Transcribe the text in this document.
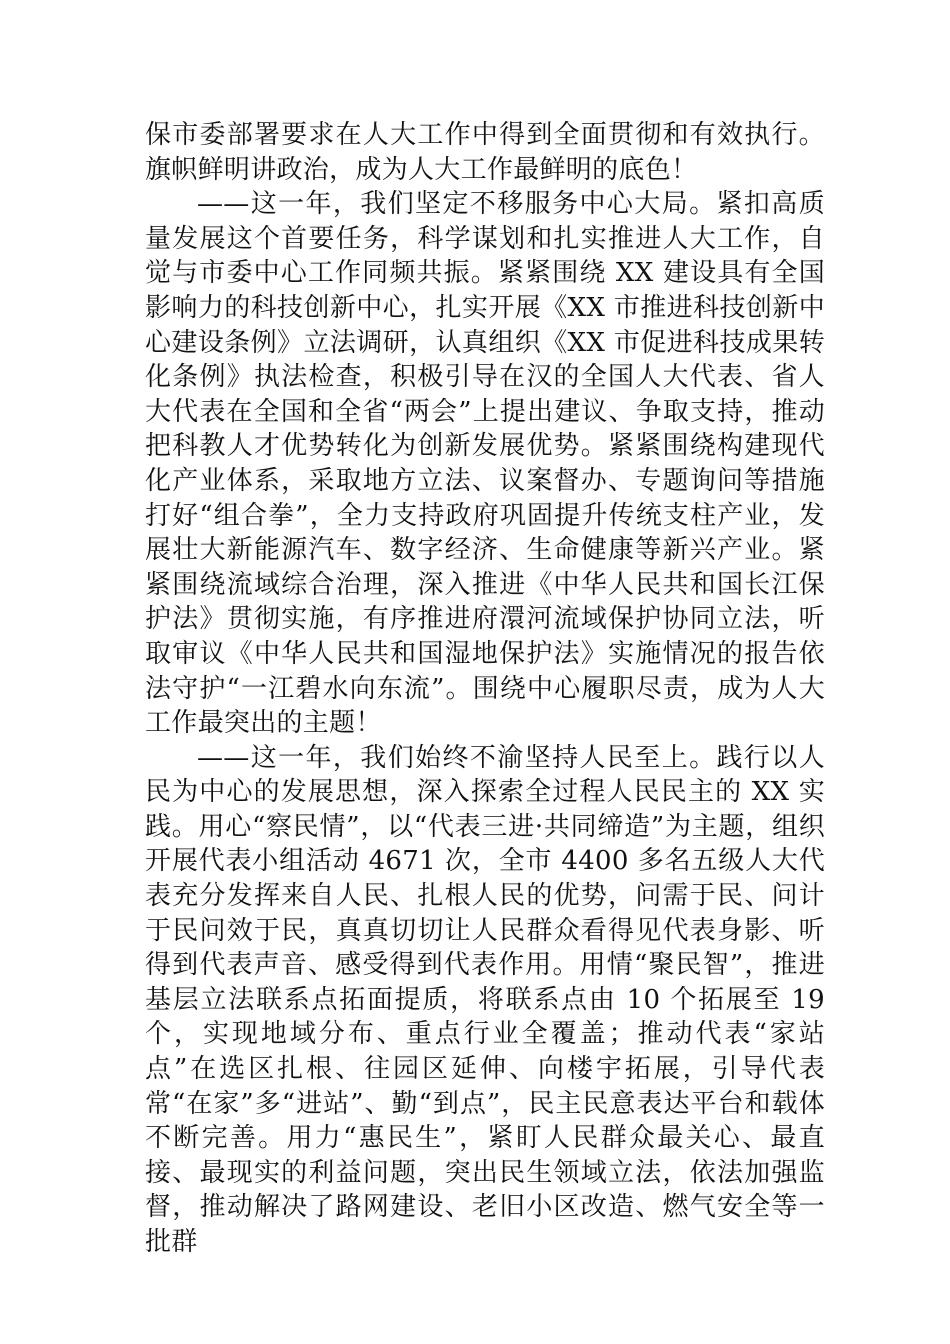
保市委部署要求在人大工作中得到全面贯彻和有效执行。旗帜鲜明讲政治，成为人大工作最鲜明的底色！

——这一年，我们坚定不移服务中心大局。紧扣高质量发展这个首要任务，科学谋划和扎实推进人大工作，自觉与市委中心工作同频共振。紧紧围绕 XX 建设具有全国影响力的科技创新中心，扎实开展《XX 市推进科技创新中心建设条例》立法调研，认真组织《XX 市促进科技成果转化条例》执法检查，积极引导在汉的全国人大代表、省人大代表在全国和全省“两会”上提出建议、争取支持，推动把科教人才优势转化为创新发展优势。紧紧围绕构建现代化产业体系，采取地方立法、议案督办、专题询问等措施打好“组合拳”，全力支持政府巩固提升传统支柱产业，发展壮大新能源汽车、数字经济、生命健康等新兴产业。紧紧围绕流域综合治理，深入推进《中华人民共和国长江保护法》贯彻实施，有序推进府澴河流域保护协同立法，听取审议《中华人民共和国湿地保护法》实施情况的报告依法守护“一江碧水向东流”。围绕中心履职尽责，成为人大工作最突出的主题！

——这一年，我们始终不渝坚持人民至上。践行以人民为中心的发展思想，深入探索全过程人民民主的 XX 实践。用心“察民情”，以“代表三进·共同缔造”为主题，组织开展代表小组活动 4671 次，全市 4400 多名五级人大代表充分发挥来自人民、扎根人民的优势，问需于民、问计于民问效于民，真真切切让人民群众看得见代表身影、听得到代表声音、感受得到代表作用。用情“聚民智”，推进基层立法联系点拓面提质，将联系点由 10 个拓展至 19 个，实现地域分布、重点行业全覆盖；推动代表“家站点”在选区扎根、往园区延伸、向楼宇拓展，引导代表常“在家”多“进站”、勤“到点”，民主民意表达平台和载体不断完善。用力“惠民生”，紧盯人民群众最关心、最直接、最现实的利益问题，突出民生领域立法，依法加强监督，推动解决了路网建设、老旧小区改造、燃气安全等一批群
